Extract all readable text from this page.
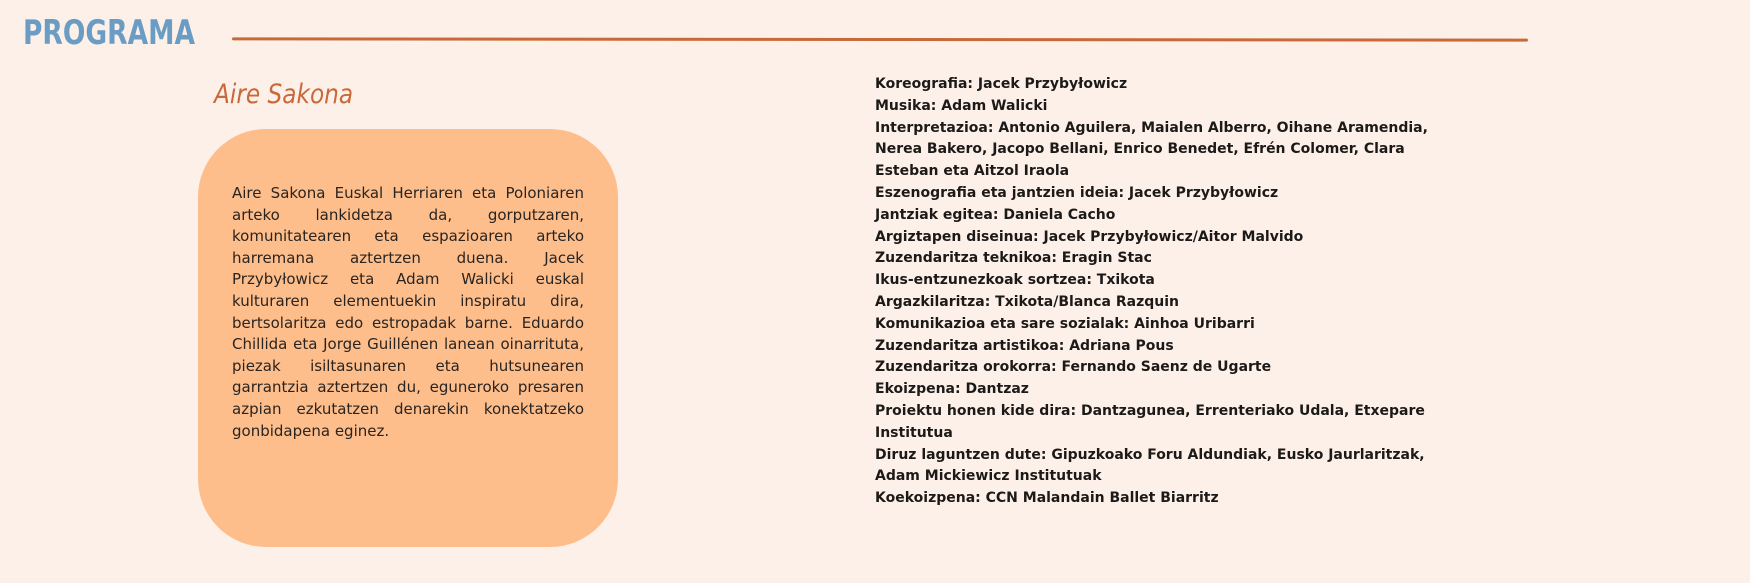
PROGRAMA
Aire Sakona

Aire Sakona Euskal Herriaren eta Poloniaren arteko lankidetza da, gorputzaren, komunitatearen eta espazioaren arteko harremana aztertzen duena. Jacek Przybyłowicz eta Adam Walicki euskal kulturaren elementuekin inspiratu dira, bertsolaritza edo estropadak barne. Eduardo Chillida eta Jorge Guillénen lanean oinarrituta, piezak isiltasunaren eta hutsunearen garrantzia aztertzen du, eguneroko presaren azpian ezkutatzen denarekin konektatzeko gonbidapena eginez.

Koreografia: Jacek Przybyłowicz
Musika: Adam Walicki
Interpretazioa: Antonio Aguilera, Maialen Alberro, Oihane Aramendia, Nerea Bakero, Jacopo Bellani, Enrico Benedet, Efrén Colomer, Clara Esteban eta Aitzol Iraola
Eszenografia eta jantzien ideia: Jacek Przybyłowicz
Jantziak egitea: Daniela Cacho
Argiztapen diseinua: Jacek Przybyłowicz/Aitor Malvido
Zuzendaritza teknikoa: Eragin Stac
Ikus-entzunezkoak sortzea: Txikota
Argazkilaritza: Txikota/Blanca Razquin
Komunikazioa eta sare sozialak: Ainhoa Uribarri
Zuzendaritza artistikoa: Adriana Pous
Zuzendaritza orokorra: Fernando Saenz de Ugarte
Ekoizpena: Dantzaz
Proiektu honen kide dira: Dantzagunea, Errenteriako Udala, Etxepare Institutua
Diruz laguntzen dute: Gipuzkoako Foru Aldundiak, Eusko Jaurlaritzak, Adam Mickiewicz Institutuak
Koekoizpena: CCN Malandain Ballet Biarritz
